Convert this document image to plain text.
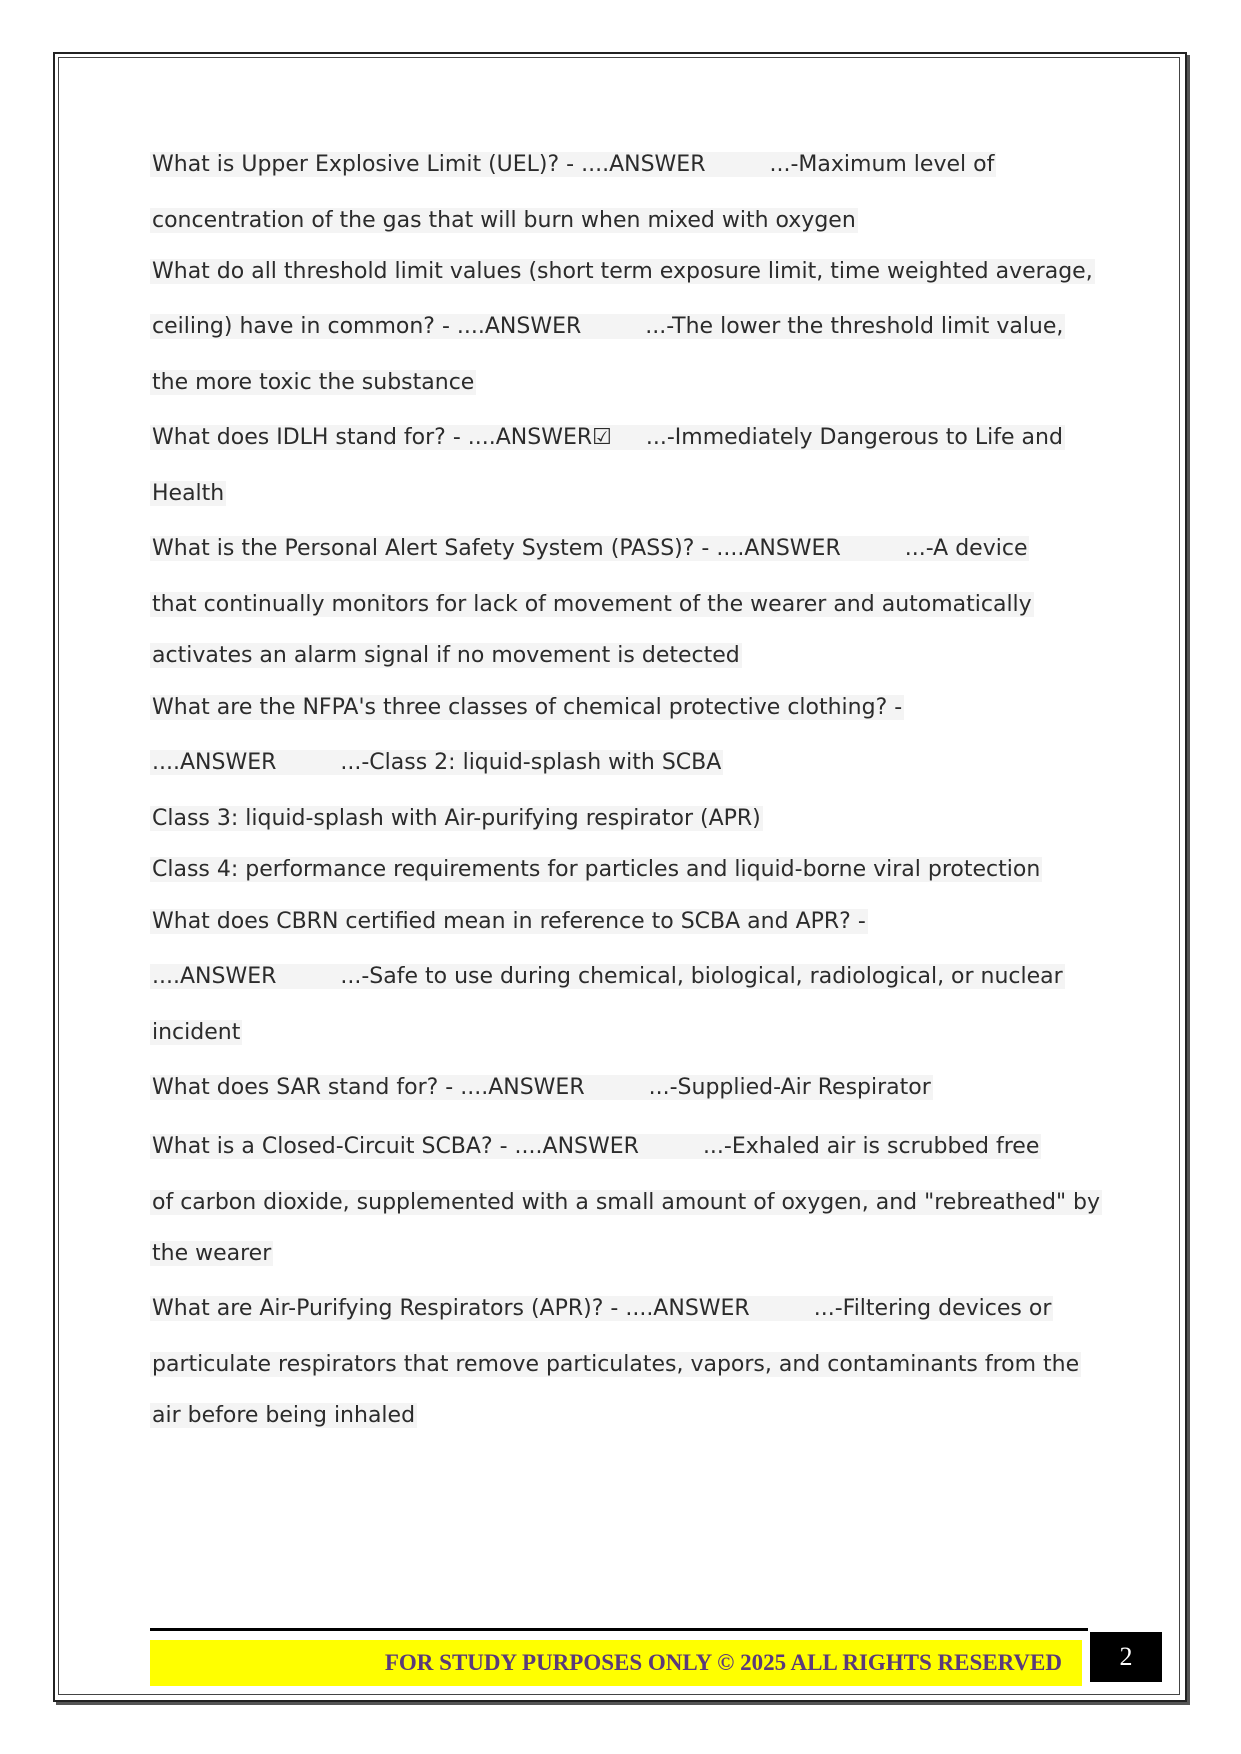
What is Upper Explosive Limit (UEL)? - ....ANSWER	...-Maximum level of
concentration of the gas that will burn when mixed with oxygen
What do all threshold limit values (short term exposure limit, time weighted average,
ceiling) have in common? - ....ANSWER	...-The lower the threshold limit value,
the more toxic the substance
What does IDLH stand for? - ....ANSWER☑ ...-Immediately Dangerous to Life and
Health
What is the Personal Alert Safety System (PASS)? - ....ANSWER	...-A device
that continually monitors for lack of movement of the wearer and automatically
activates an alarm signal if no movement is detected
What are the NFPA's three classes of chemical protective clothing? -
....ANSWER	...-Class 2: liquid-splash with SCBA
Class 3: liquid-splash with Air-purifying respirator (APR)
Class 4: performance requirements for particles and liquid-borne viral protection
What does CBRN certified mean in reference to SCBA and APR? -
....ANSWER	...-Safe to use during chemical, biological, radiological, or nuclear
incident
What does SAR stand for? - ....ANSWER	...-Supplied-Air Respirator
What is a Closed-Circuit SCBA? - ....ANSWER	...-Exhaled air is scrubbed free
of carbon dioxide, supplemented with a small amount of oxygen, and "rebreathed" by
the wearer
What are Air-Purifying Respirators (APR)? - ....ANSWER	...-Filtering devices or
particulate respirators that remove particulates, vapors, and contaminants from the
air before being inhaled
FOR STUDY PURPOSES ONLY © 2025 ALL RIGHTS RESERVED	2
